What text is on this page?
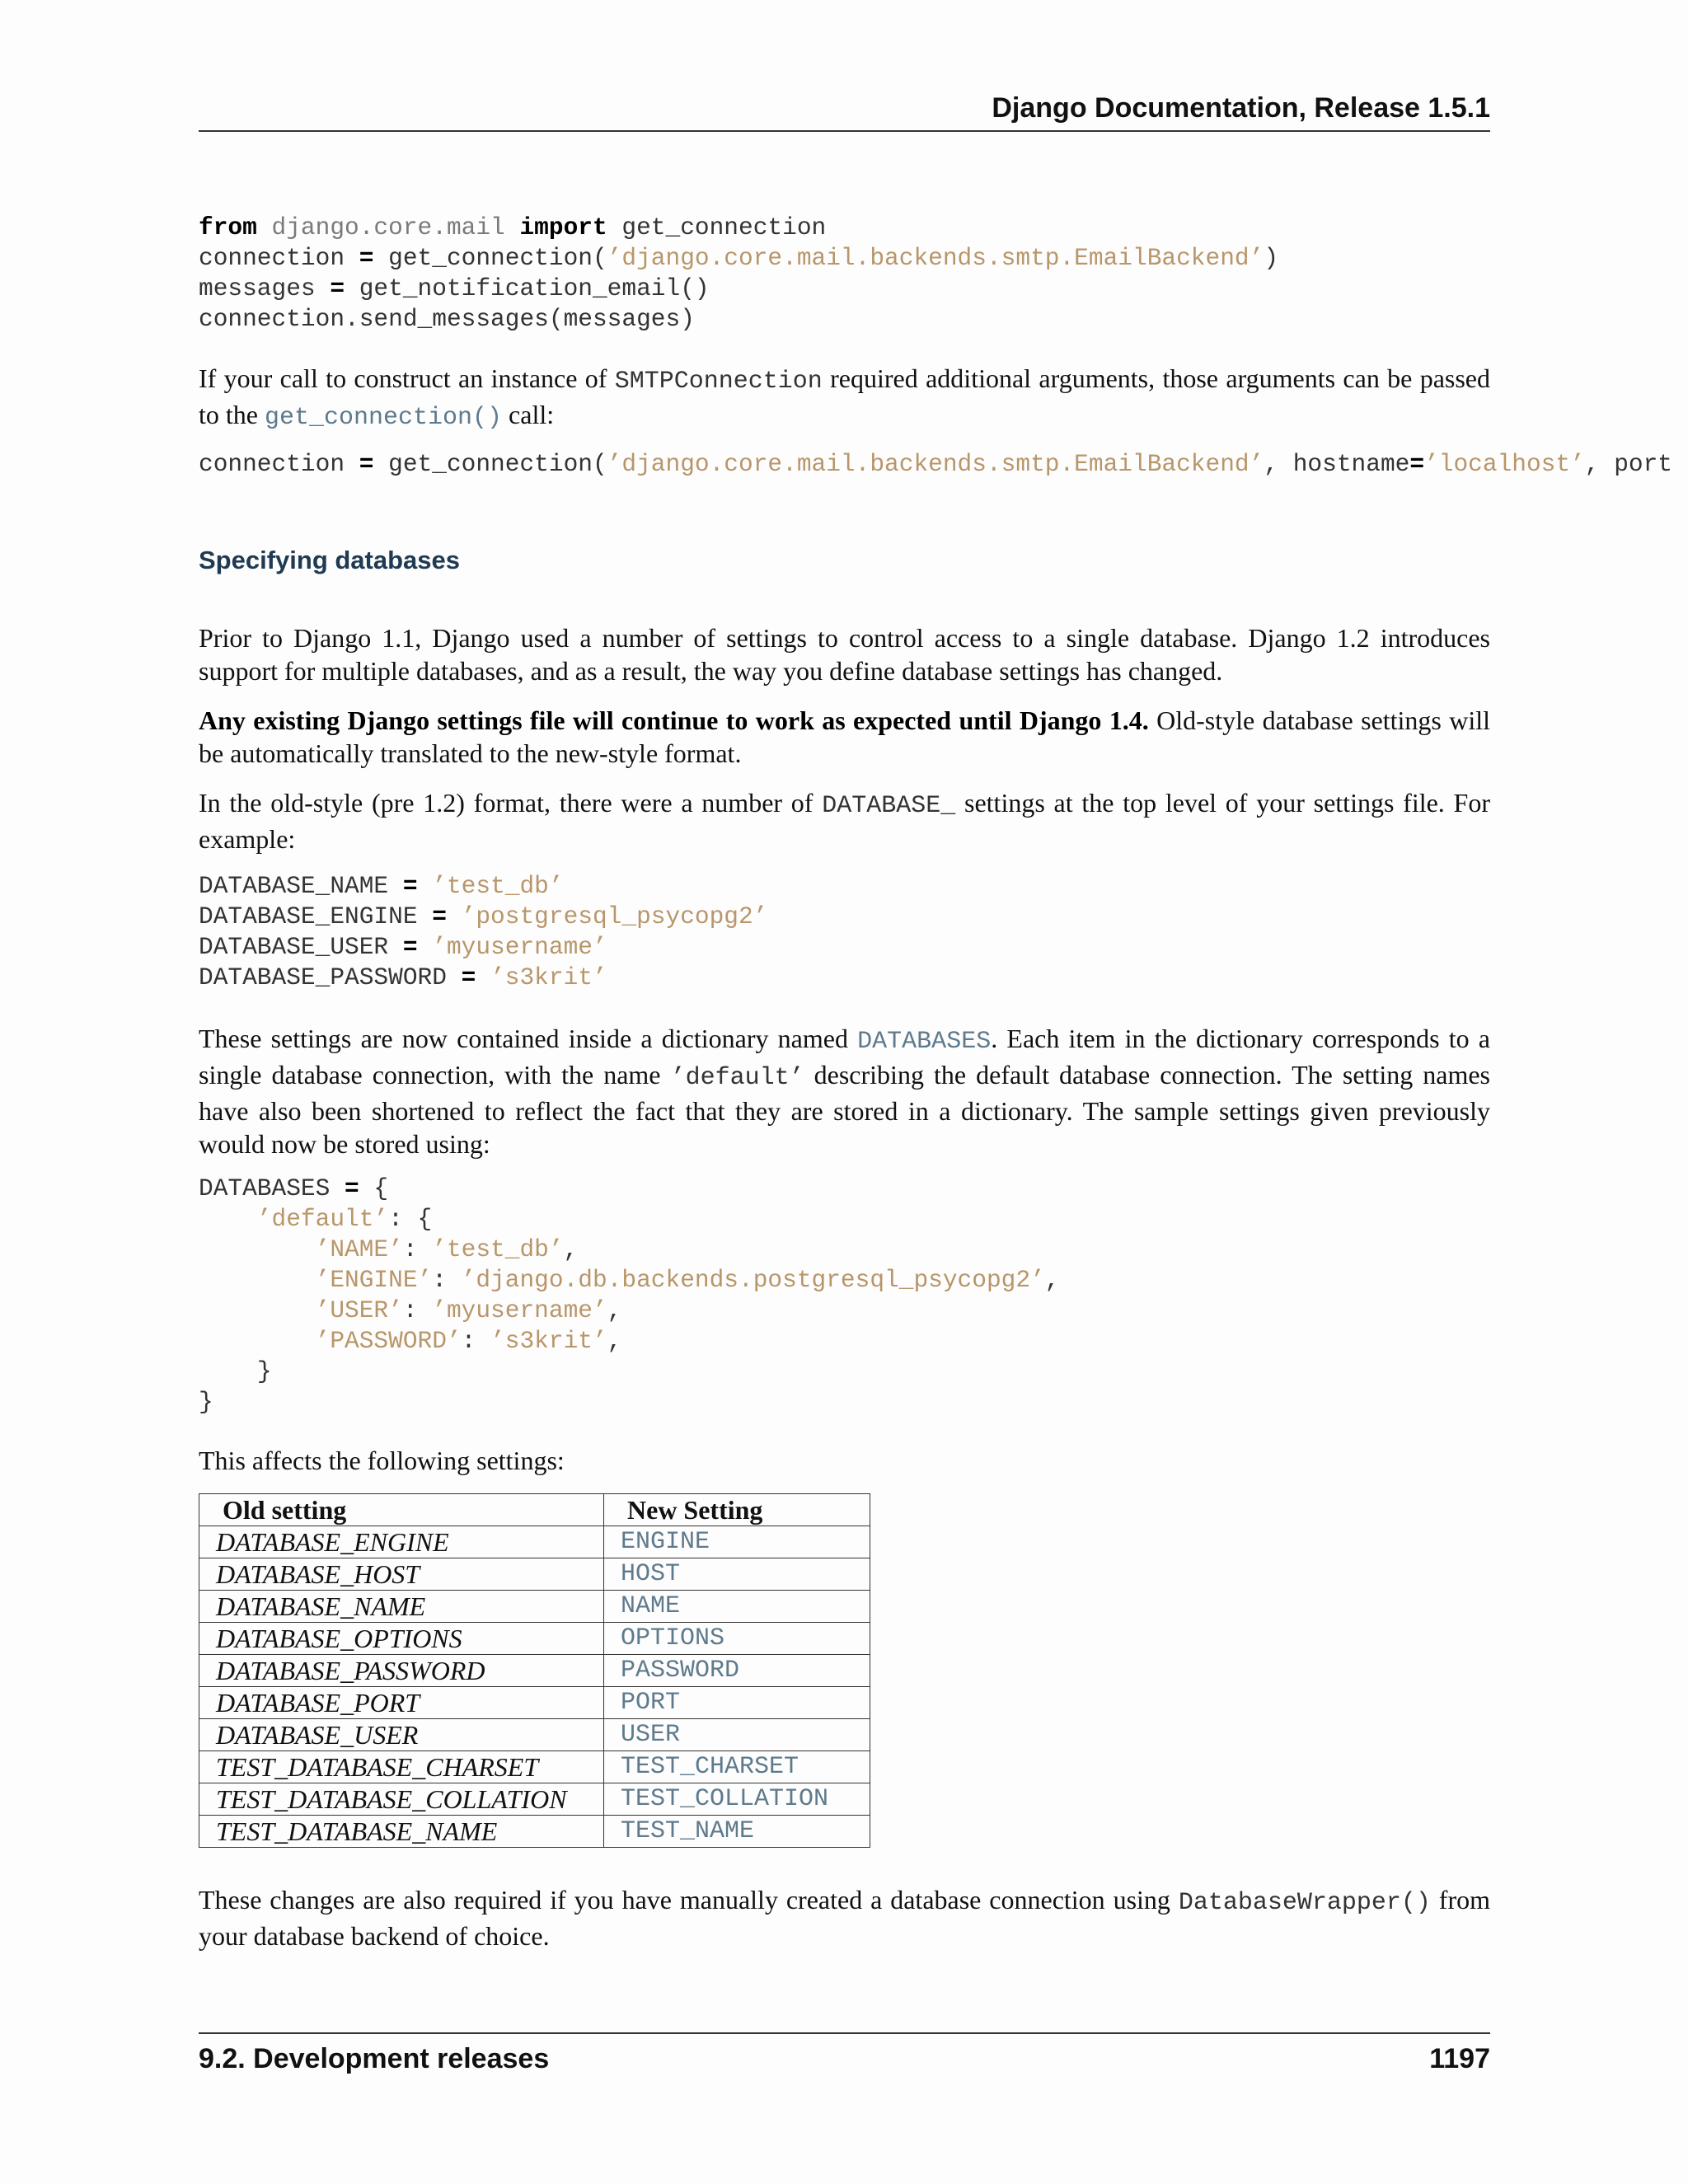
Django Documentation, Release 1.5.1
from django.core.mail import get_connection
connection = get_connection(’django.core.mail.backends.smtp.EmailBackend’)
messages = get_notification_email()
connection.send_messages(messages)
If your call to construct an instance of SMTPConnection required additional arguments, those arguments can be passed to the get_connection() call:
connection = get_connection(’django.core.mail.backends.smtp.EmailBackend’, hostname=’localhost’, port
Specifying databases
Prior to Django 1.1, Django used a number of settings to control access to a single database. Django 1.2 introduces support for multiple databases, and as a result, the way you define database settings has changed.
Any existing Django settings file will continue to work as expected until Django 1.4. Old-style database settings will be automatically translated to the new-style format.
In the old-style (pre 1.2) format, there were a number of DATABASE_ settings at the top level of your settings file. For example:
DATABASE_NAME = ’test_db’
DATABASE_ENGINE = ’postgresql_psycopg2’
DATABASE_USER = ’myusername’
DATABASE_PASSWORD = ’s3krit’
These settings are now contained inside a dictionary named DATABASES. Each item in the dictionary corresponds to a single database connection, with the name ’default’ describing the default database connection. The setting names have also been shortened to reflect the fact that they are stored in a dictionary. The sample settings given previously would now be stored using:
DATABASES = {
’default’: {
’NAME’: ’test_db’,
’ENGINE’: ’django.db.backends.postgresql_psycopg2’,
’USER’: ’myusername’,
’PASSWORD’: ’s3krit’,
}
}
This affects the following settings:
Old setting	New Setting
DATABASE_ENGINE	ENGINE
DATABASE_HOST	HOST
DATABASE_NAME	NAME
DATABASE_OPTIONS	OPTIONS
DATABASE_PASSWORD	PASSWORD
DATABASE_PORT	PORT
DATABASE_USER	USER
TEST_DATABASE_CHARSET	TEST_CHARSET
TEST_DATABASE_COLLATION	TEST_COLLATION
TEST_DATABASE_NAME	TEST_NAME
These changes are also required if you have manually created a database connection using DatabaseWrapper() from your database backend of choice.
9.2. Development releases	1197
